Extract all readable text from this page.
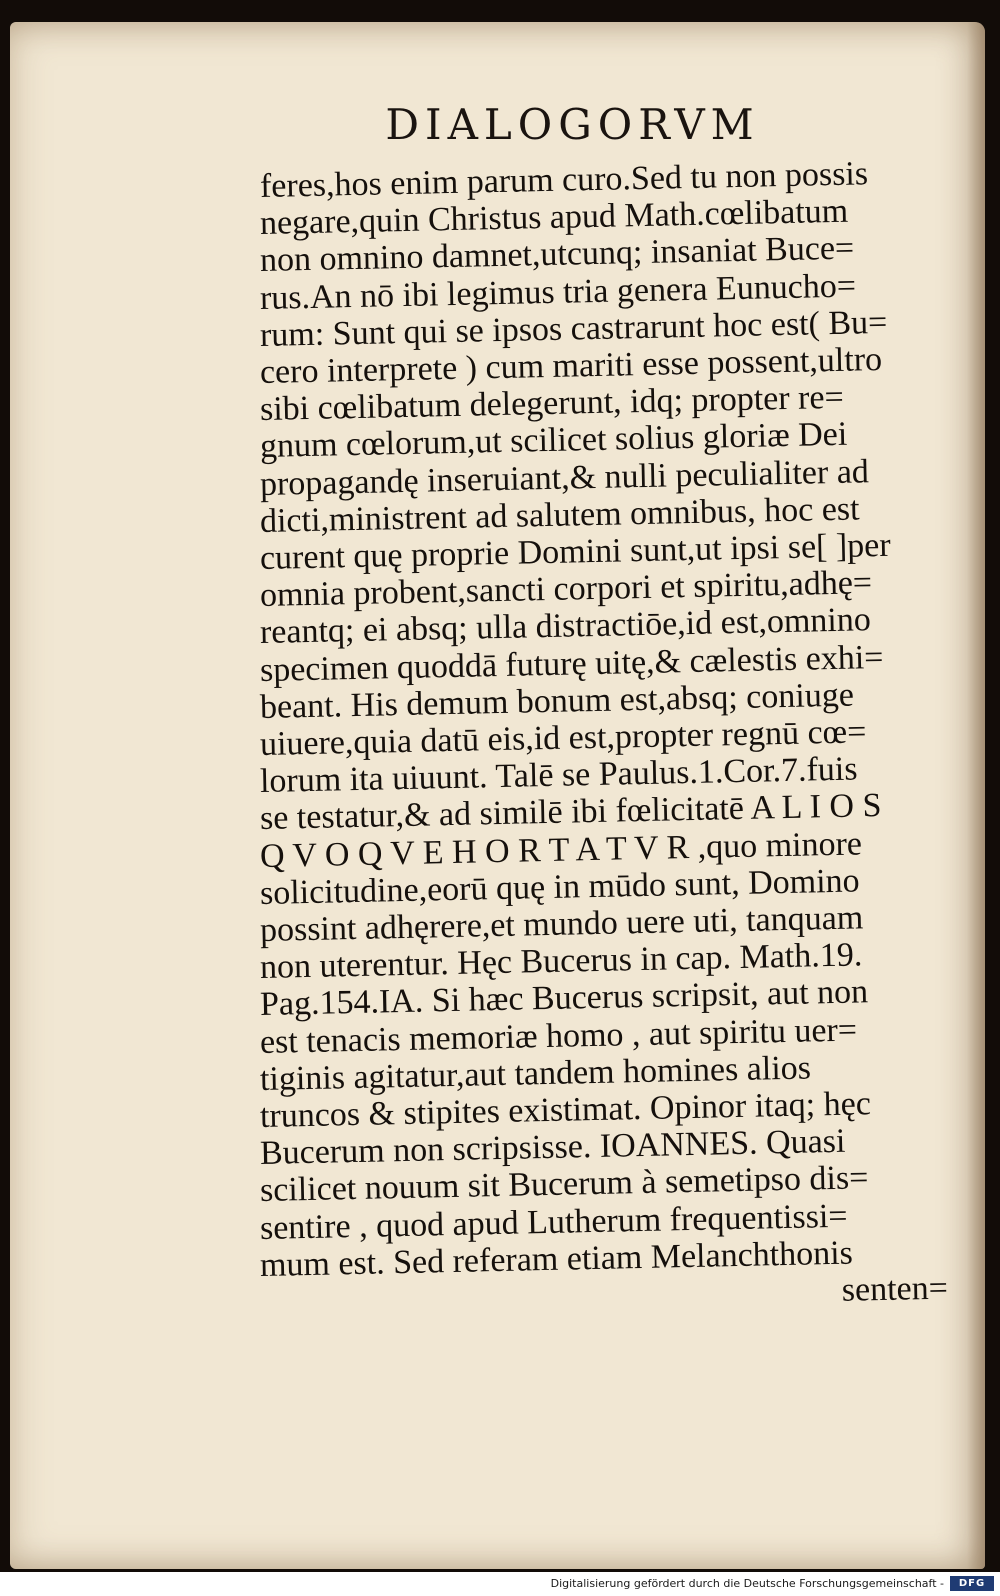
DIALOGORVM
feres,hos enim parum curo.Sed tu non possis
negare,quin Christus apud Math.cœlibatum
non omnino damnet,utcunq; insaniat Buce=
rus.An nō ibi legimus tria genera Eunucho=
rum: Sunt qui se ipsos castrarunt hoc est( Bu=
cero interprete ) cum mariti esse possent,ultro
sibi cœlibatum delegerunt, idq; propter re=
gnum cœlorum,ut scilicet solius gloriæ Dei
propagandę inseruiant,& nulli peculialiter ad
dicti,ministrent ad salutem omnibus, hoc est
curent quę proprie Domini sunt,ut ipsi se[ ]per
omnia probent,sancti corpori et spiritu,adhę=
reantq; ei absq; ulla distractiōe,id est,omnino
specimen quoddā futurę uitę,& cælestis exhi=
beant. His demum bonum est,absq; coniuge
uiuere,quia datū eis,id est,propter regnū cœ=
lorum ita uiuunt. Talē se Paulus.1.Cor.7.fuis
se testatur,& ad similē ibi fœlicitatē A L I O S
Q V O Q V E H O R T A T V R ,quo minore
solicitudine,eorū quę in mūdo sunt, Domino
possint adhęrere,et mundo uere uti, tanquam
non uterentur. Hęc Bucerus in cap. Math.19.
Pag.154.IA. Si hæc Bucerus scripsit, aut non
est tenacis memoriæ homo , aut spiritu uer=
tiginis agitatur,aut tandem homines alios
truncos & stipites existimat. Opinor itaq; hęc
Bucerum non scripsisse. IOANNES. Quasi
scilicet nouum sit Bucerum à semetipso dis=
sentire , quod apud Lutherum frequentissi=
mum est. Sed referam etiam Melanchthonis
senten=
Digitalisierung gefördert durch die Deutsche Forschungsgemeinschaft -	DFG
